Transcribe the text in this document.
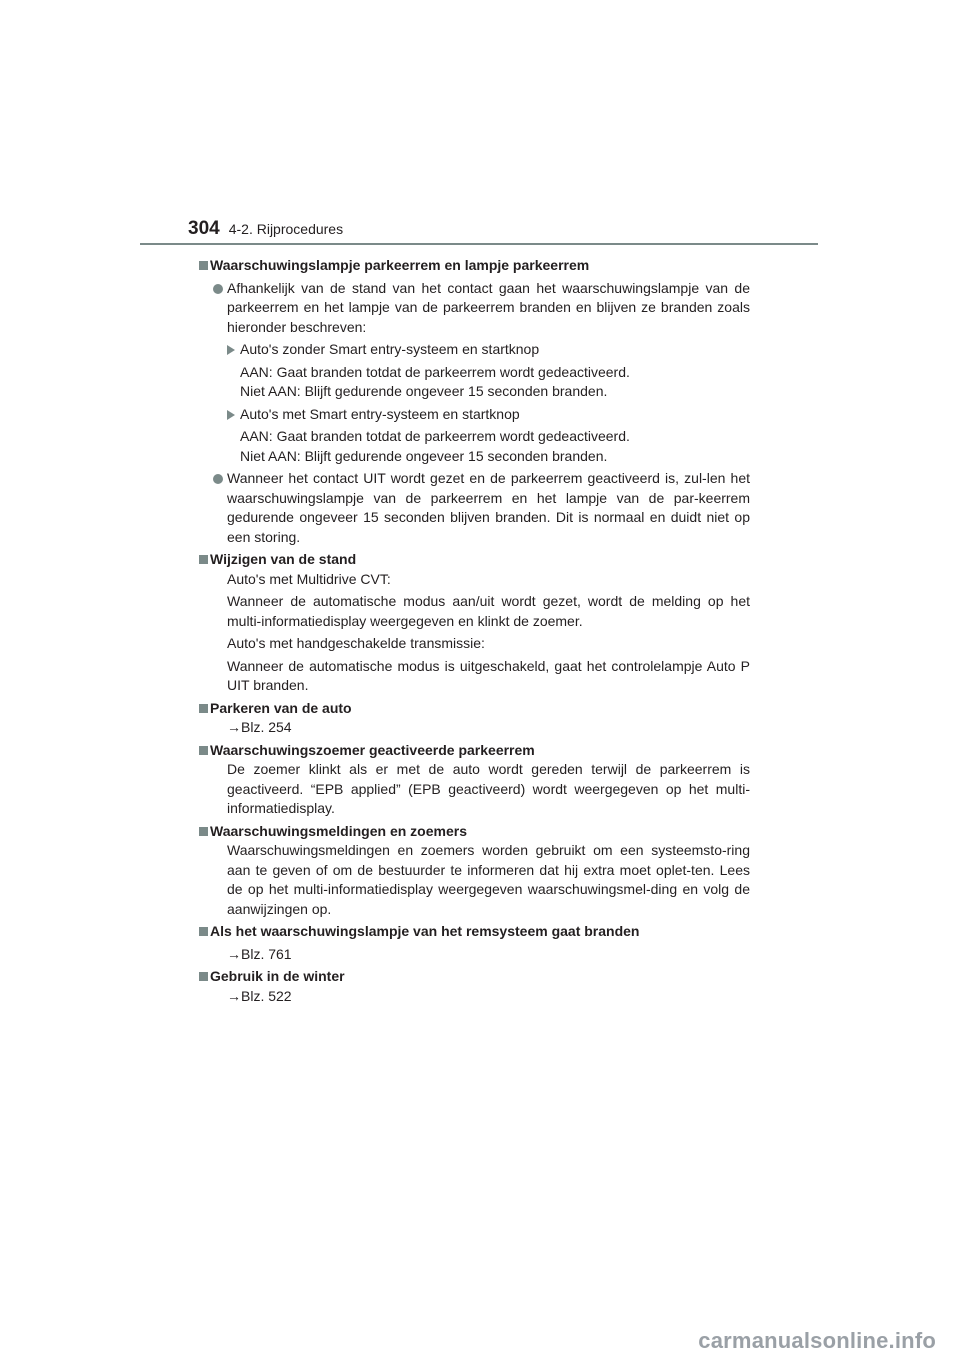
304 4-2. Rijprocedures
Waarschuwingslampje parkeerrem en lampje parkeerrem
Afhankelijk van de stand van het contact gaan het waarschuwingslampje van de parkeerrem en het lampje van de parkeerrem branden en blijven ze branden zoals hieronder beschreven:
Auto's zonder Smart entry-systeem en startknop
AAN: Gaat branden totdat de parkeerrem wordt gedeactiveerd.
Niet AAN: Blijft gedurende ongeveer 15 seconden branden.
Auto's met Smart entry-systeem en startknop
AAN: Gaat branden totdat de parkeerrem wordt gedeactiveerd.
Niet AAN: Blijft gedurende ongeveer 15 seconden branden.
Wanneer het contact UIT wordt gezet en de parkeerrem geactiveerd is, zul-len het waarschuwingslampje van de parkeerrem en het lampje van de par-keerrem gedurende ongeveer 15 seconden blijven branden. Dit is normaal en duidt niet op een storing.
Wijzigen van de stand
Auto's met Multidrive CVT:
Wanneer de automatische modus aan/uit wordt gezet, wordt de melding op het multi-informatiedisplay weergegeven en klinkt de zoemer.
Auto's met handgeschakelde transmissie:
Wanneer de automatische modus is uitgeschakeld, gaat het controlelampje Auto P UIT branden.
Parkeren van de auto
→Blz. 254
Waarschuwingszoemer geactiveerde parkeerrem
De zoemer klinkt als er met de auto wordt gereden terwijl de parkeerrem is geactiveerd. “EPB applied” (EPB geactiveerd) wordt weergegeven op het multi-informatiedisplay.
Waarschuwingsmeldingen en zoemers
Waarschuwingsmeldingen en zoemers worden gebruikt om een systeemsto-ring aan te geven of om de bestuurder te informeren dat hij extra moet oplet-ten. Lees de op het multi-informatiedisplay weergegeven waarschuwingsmel-ding en volg de aanwijzingen op.
Als het waarschuwingslampje van het remsysteem gaat branden
→Blz. 761
Gebruik in de winter
→Blz. 522
carmanualsonline.info
